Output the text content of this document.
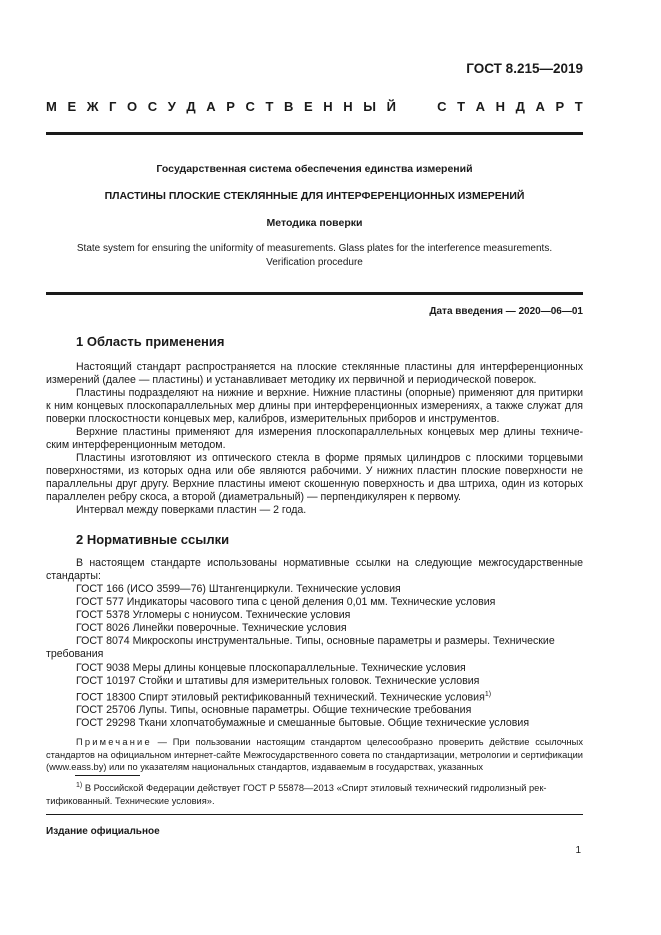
ГОСТ 8.215—2019
М Е Ж Г О С У Д А Р С Т В Е Н Н Ы Й	С Т А Н Д А Р Т
Государственная система обеспечения единства измерений
ПЛАСТИНЫ ПЛОСКИЕ СТЕКЛЯННЫЕ ДЛЯ ИНТЕРФЕРЕНЦИОННЫХ ИЗМЕРЕНИЙ
Методика поверки
State system for ensuring the uniformity of measurements. Glass plates for the interference measurements.
Verification procedure
Дата введения — 2020—06—01
1 Область применения

Настоящий стандарт распространяется на плоские стеклянные пластины для интерференционных измерений (далее — пластины) и устанавливает методику их первичной и периодической поверок.

Пластины подразделяют на нижние и верхние. Нижние пластины (опорные) применяют для притирки к ним концевых плоскопараллельных мер длины при интерференционных измерениях, а также служат для поверки плоскостности концевых мер, калибров, измерительных приборов и инструментов.

Верхние пластины применяют для измерения плоскопараллельных концевых мер длины техническим интерференционным методом.

Пластины изготовляют из оптического стекла в форме прямых цилиндров с плоскими торцевыми поверхностями, из которых одна или обе являются рабочими. У нижних пластин плоские поверхности не параллельны друг другу. Верхние пластины имеют скошенную поверхность и два штриха, один из которых параллелен ребру скоса, а второй (диаметральный) — перпендикулярен к первому.

Интервал между поверками пластин — 2 года.

2 Нормативные ссылки

В настоящем стандарте использованы нормативные ссылки на следующие межгосударственные стандарты:

ГОСТ 166 (ИСО 3599—76) Штангенциркули. Технические условия
ГОСТ 577 Индикаторы часового типа с ценой деления 0,01 мм. Технические условия
ГОСТ 5378 Угломеры с нониусом. Технические условия
ГОСТ 8026 Линейки поверочные. Технические условия
ГОСТ 8074 Микроскопы инструментальные. Типы, основные параметры и размеры. Технические требования
ГОСТ 9038 Меры длины концевые плоскопараллельные. Технические условия
ГОСТ 10197 Стойки и штативы для измерительных головок. Технические условия
ГОСТ 18300 Спирт этиловый ректификованный технический. Технические условия$^{1)}$
ГОСТ 25706 Лупы. Типы, основные параметры. Общие технические требования
ГОСТ 29298 Ткани хлопчатобумажные и смешанные бытовые. Общие технические условия

Примечание — При пользовании настоящим стандартом целесообразно проверить действие ссылочных стандартов на официальном интернет-сайте Межгосударственного совета по стандартизации, метрологии и сертификации (www.eass.by) или по указателям национальных стандартов, издаваемым в государствах, указанных

$^{1)}$ В Российской Федерации действует ГОСТ Р 55878—2013 «Спирт этиловый технический гидролизный ректификованный. Технические условия».

Издание официальное
1
